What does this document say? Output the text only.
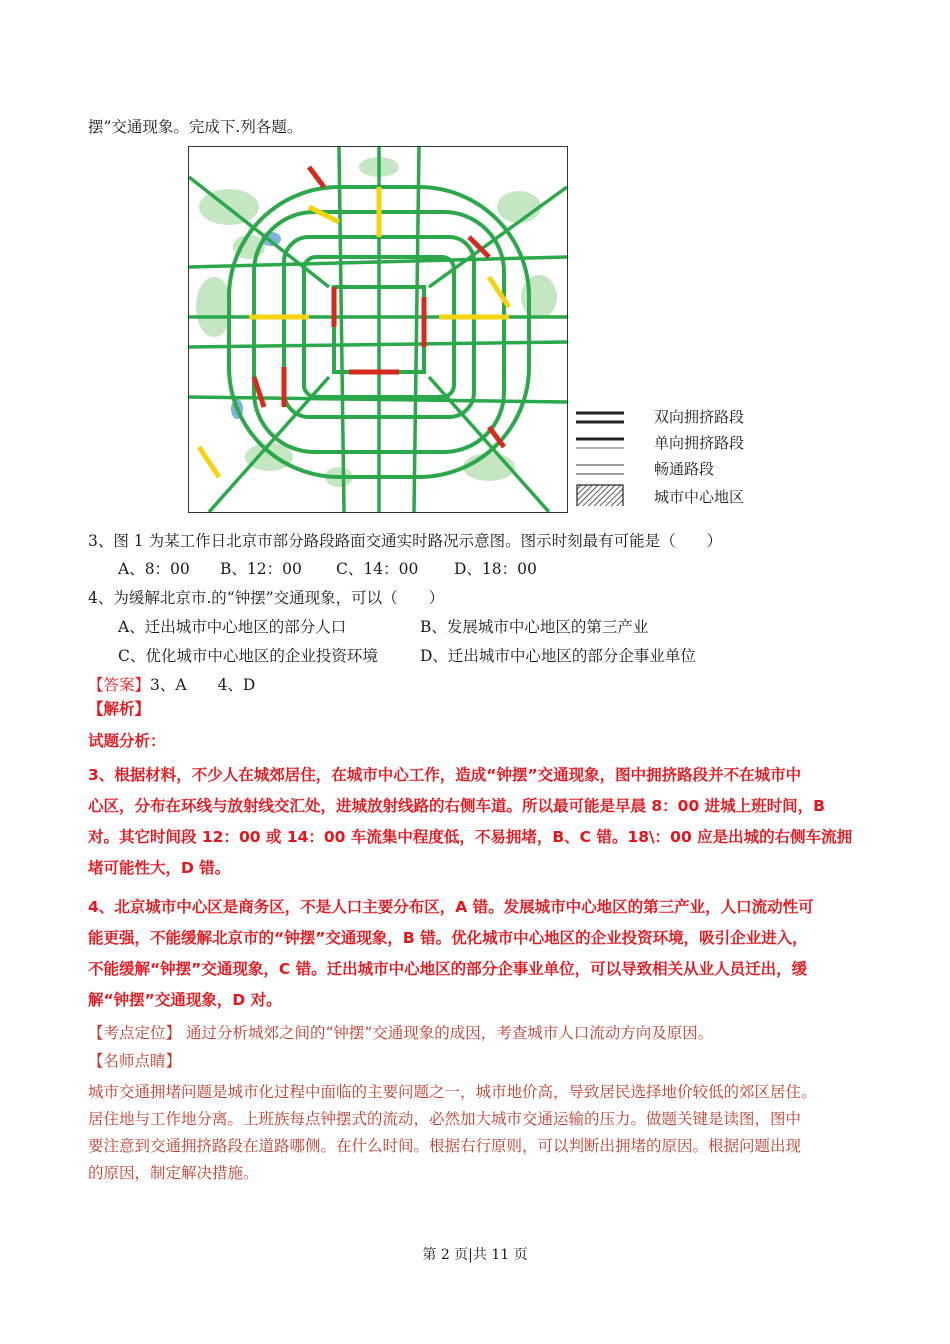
摆”交通现象。完成下.列各题。
双向拥挤路段
单向拥挤路段
畅通路段
城市中心地区
3、图 1 为某工作日北京市部分路段路面交通实时路况示意图。图示时刻最有可能是（　　）
A、8：00 B、12：00 C、14：00 D、18：00
4、为缓解北京市.的“钟摆”交通现象，可以（　　）
A、迁出城市中心地区的部分人口	B、发展城市中心地区的第三产业
C、优化城市中心地区的企业投资环境	D、迁出城市中心地区的部分企事业单位
【答案】3、A　　4、D
【解析】
试题分析：
3、根据材料，不少人在城郊居住，在城市中心工作，造成“钟摆”交通现象，图中拥挤路段并不在城市中
心区，分布在环线与放射线交汇处，进城放射线路的右侧车道。所以最可能是早晨 8：00 进城上班时间，B
对。其它时间段 12：00 或 14：00 车流集中程度低，不易拥堵，B、C 错。18\：00 应是出城的右侧车流拥
堵可能性大，D 错。
4、北京城市中心区是商务区，不是人口主要分布区，A 错。发展城市中心地区的第三产业，人口流动性可
能更强，不能缓解北京市的“钟摆”交通现象，B 错。优化城市中心地区的企业投资环境，吸引企业进入，
不能缓解“钟摆”交通现象，C 错。迁出城市中心地区的部分企事业单位，可以导致相关从业人员迁出，缓
解“钟摆”交通现象，D 对。
【考点定位】 通过分析城郊之间的“钟摆”交通现象的成因，考查城市人口流动方向及原因。
【名师点睛】
城市交通拥堵问题是城市化过程中面临的主要问题之一，城市地价高，导致居民选择地价较低的郊区居住。
居住地与工作地分离。上班族每点钟摆式的流动，必然加大城市交通运输的压力。做题关键是读图，图中
要注意到交通拥挤路段在道路哪侧。在什么时间。根据右行原则，可以判断出拥堵的原因。根据问题出现
的原因，制定解决措施。
第 2 页|共 11 页
